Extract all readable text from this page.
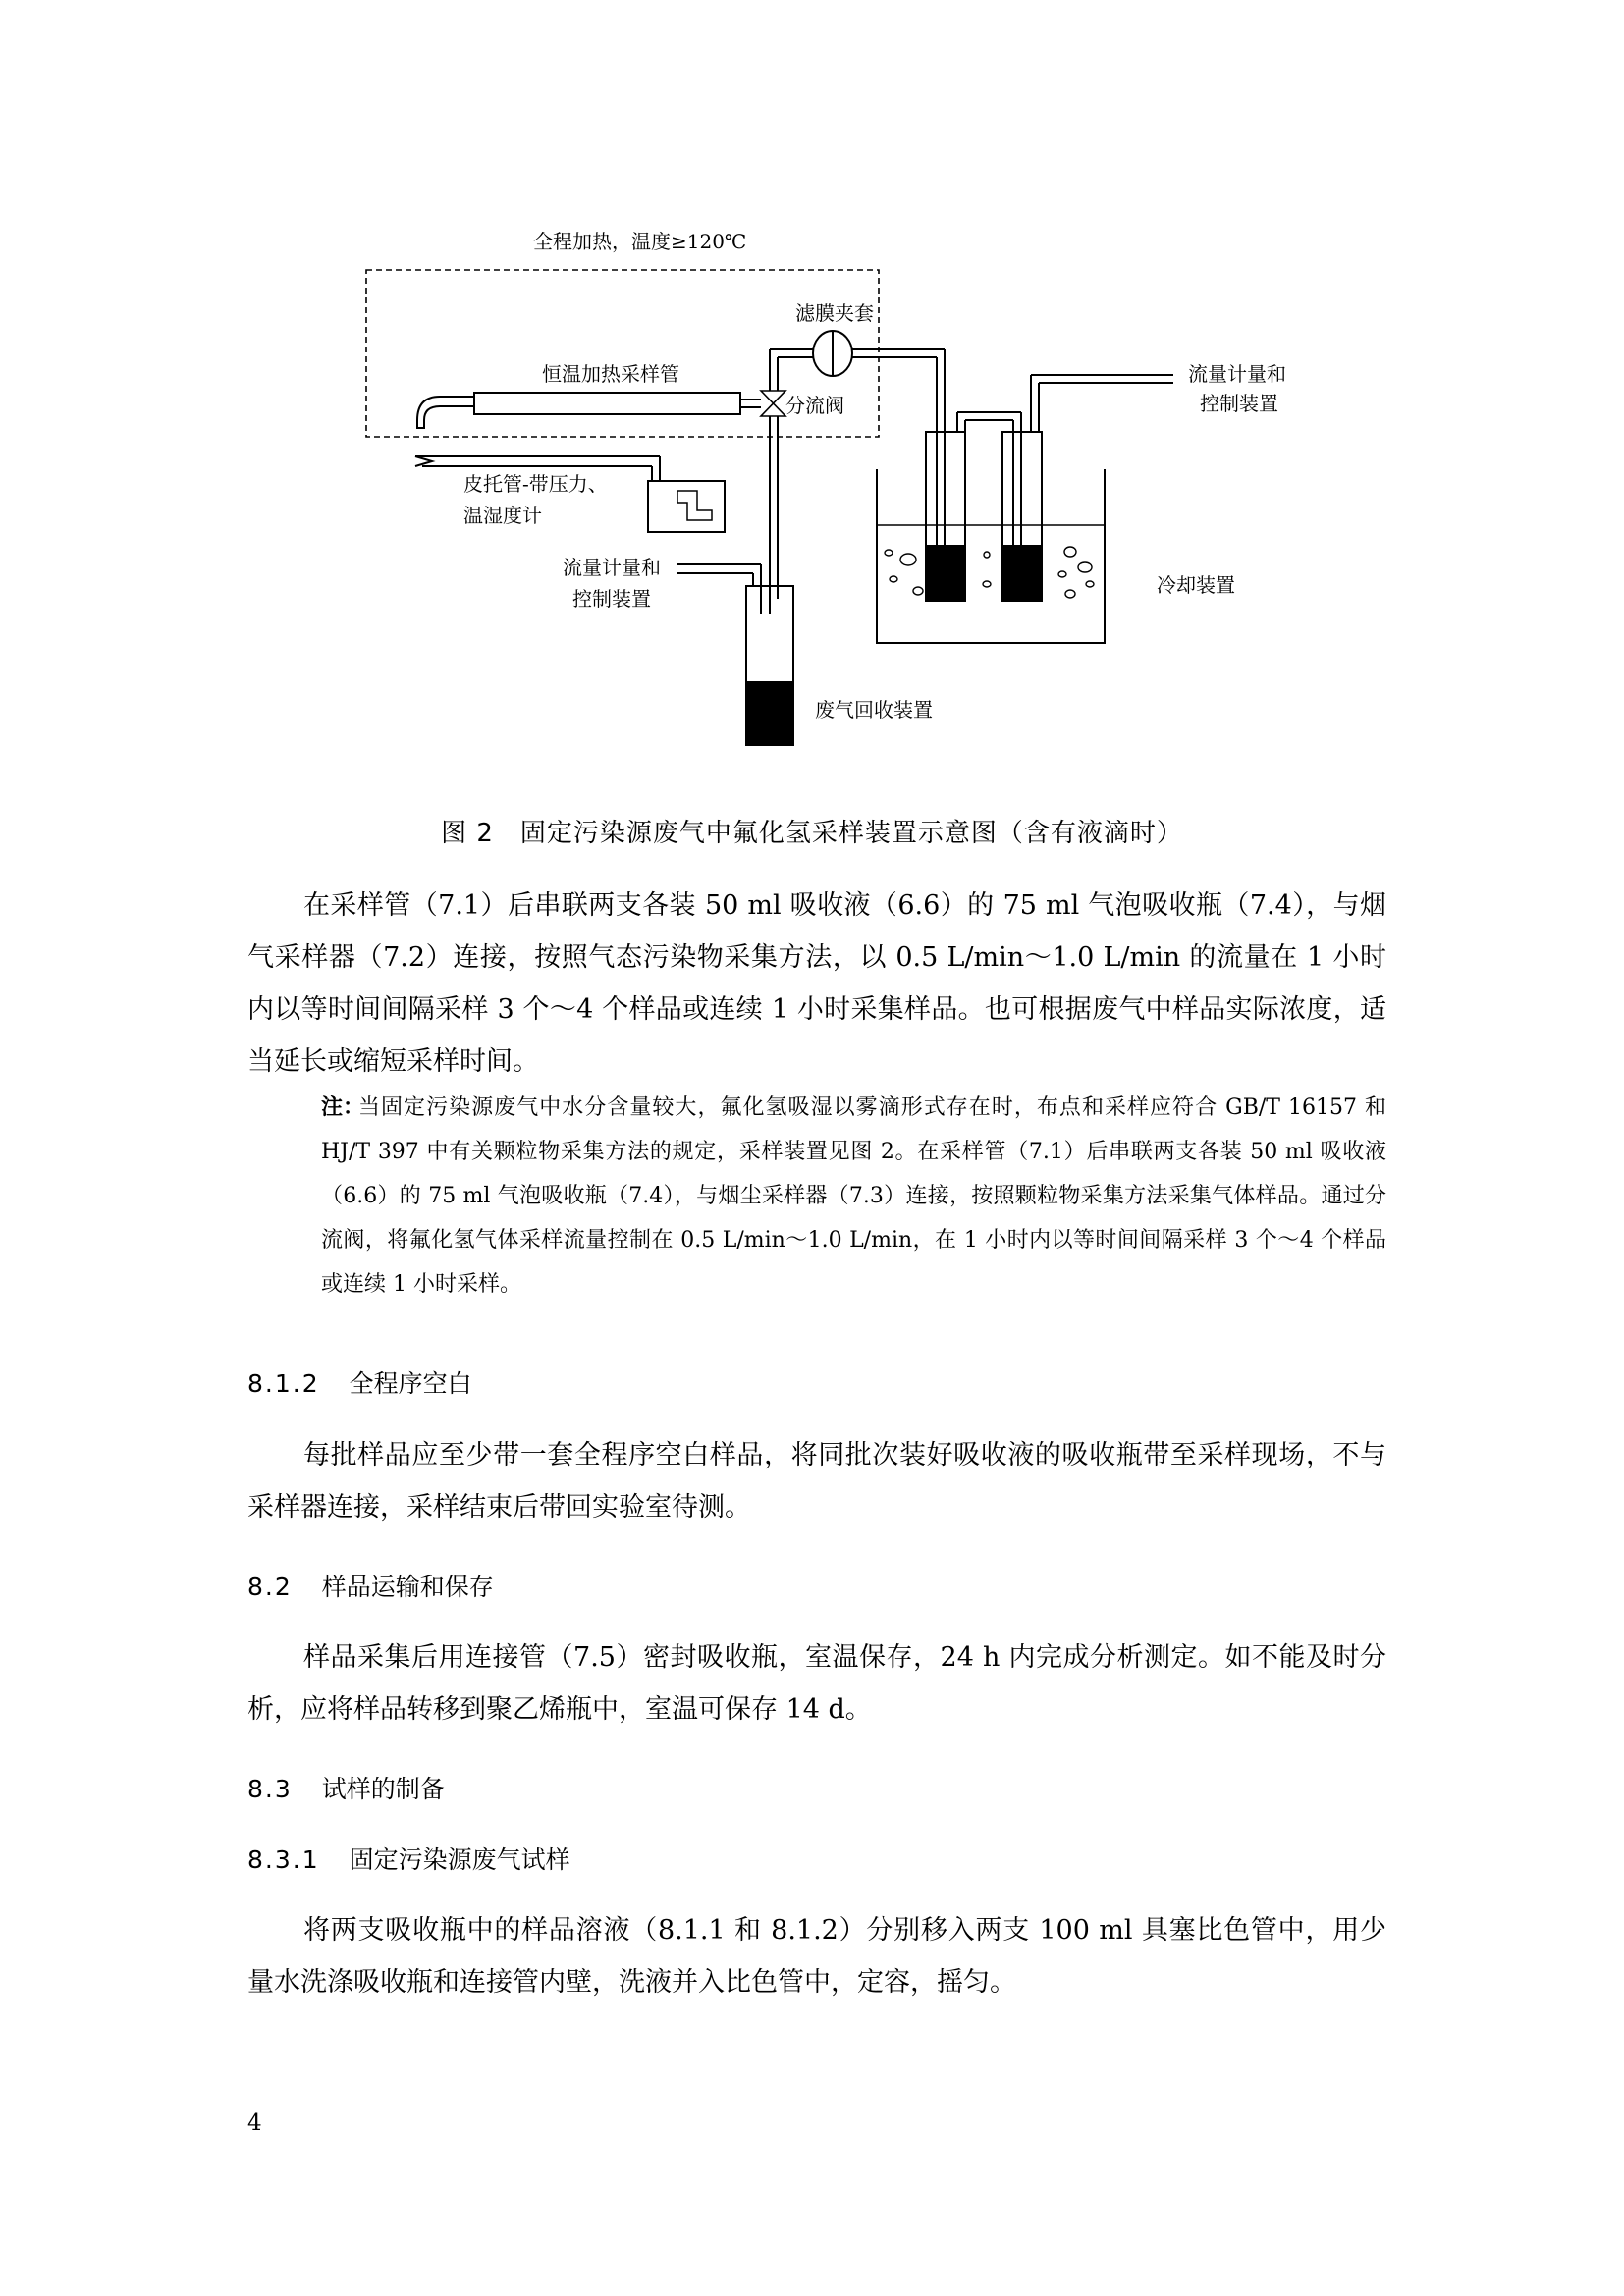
全程加热，温度≥120℃
滤膜夹套
恒温加热采样管
分流阀
流量计量和
控制装置
皮托管-带压力、
温湿度计
流量计量和
控制装置
冷却装置
废气回收装置
图 2　固定污染源废气中氟化氢采样装置示意图（含有液滴时）

在采样管（7.1）后串联两支各装 50 ml 吸收液（6.6）的 75 ml 气泡吸收瓶（7.4），与烟气采样器（7.2）连接，按照气态污染物采集方法，以 0.5 L/min～1.0 L/min 的流量在 1 小时内以等时间间隔采样 3 个～4 个样品或连续 1 小时采集样品。也可根据废气中样品实际浓度，适当延长或缩短采样时间。

注：
当固定污染源废气中水分含量较大，氟化氢吸湿以雾滴形式存在时，布点和采样应符合 GB/T 16157 和 HJ/T 397 中有关颗粒物采集方法的规定，采样装置见图 2。在采样管（7.1）后串联两支各装 50 ml 吸收液（6.6）的 75 ml 气泡吸收瓶（7.4），与烟尘采样器（7.3）连接，按照颗粒物采集方法采集气体样品。通过分流阀，将氟化氢气体采样流量控制在 0.5 L/min～1.0 L/min，在 1 小时内以等时间间隔采样 3 个～4 个样品或连续 1 小时采样。
8.1.2 全程序空白

每批样品应至少带一套全程序空白样品，将同批次装好吸收液的吸收瓶带至采样现场，不与采样器连接，采样结束后带回实验室待测。

8.2 样品运输和保存

样品采集后用连接管（7.5）密封吸收瓶，室温保存，24 h 内完成分析测定。如不能及时分析，应将样品转移到聚乙烯瓶中，室温可保存 14 d。

8.3 试样的制备
8.3.1 固定污染源废气试样

将两支吸收瓶中的样品溶液（8.1.1 和 8.1.2）分别移入两支 100 ml 具塞比色管中，用少量水洗涤吸收瓶和连接管内壁，洗液并入比色管中，定容，摇匀。

4
